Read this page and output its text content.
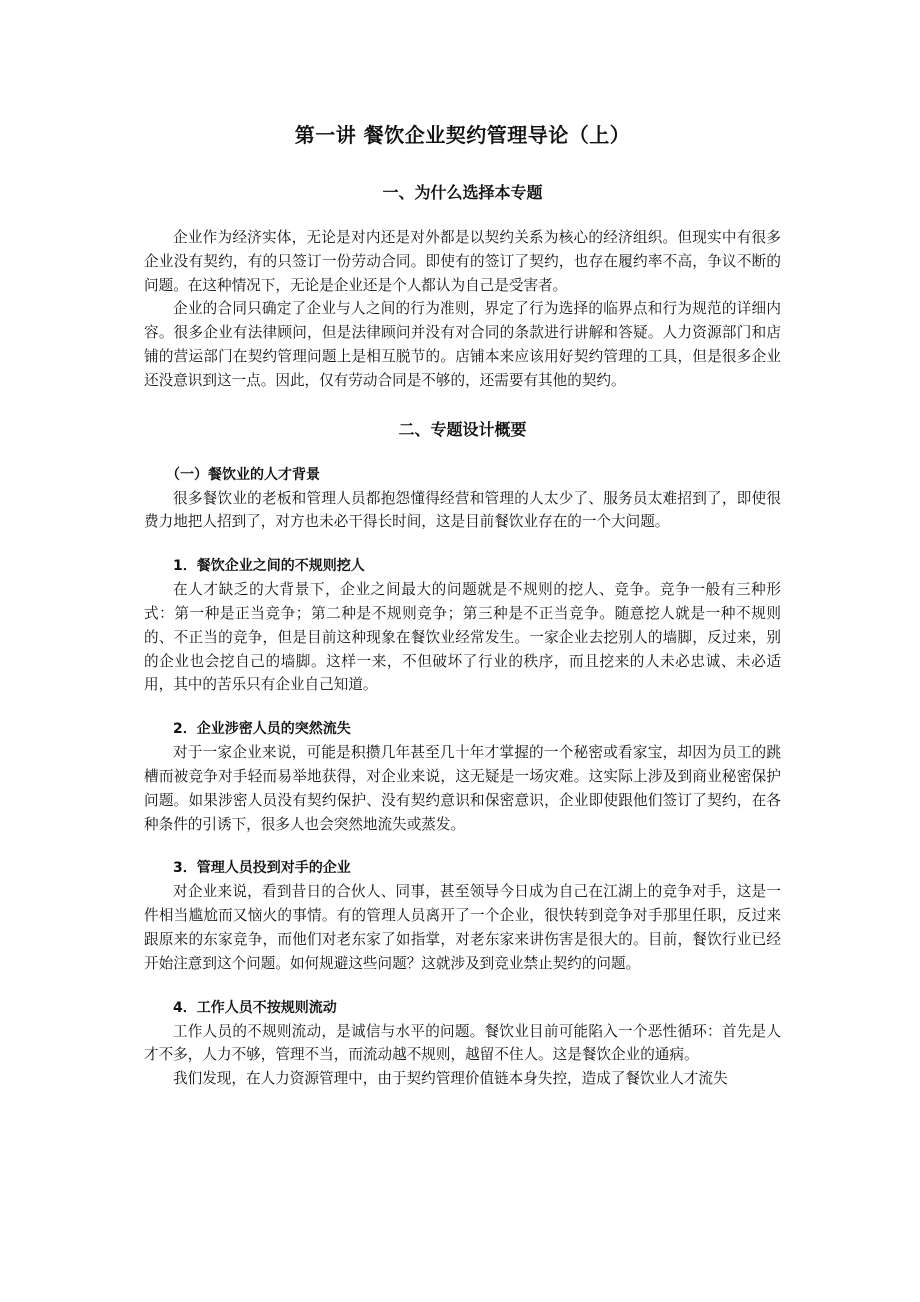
第一讲 餐饮企业契约管理导论（上）
一、为什么选择本专题

企业作为经济实体，无论是对内还是对外都是以契约关系为核心的经济组织。但现实中有很多企业没有契约，有的只签订一份劳动合同。即使有的签订了契约，也存在履约率不高，争议不断的问题。在这种情况下，无论是企业还是个人都认为自己是受害者。

企业的合同只确定了企业与人之间的行为准则，界定了行为选择的临界点和行为规范的详细内容。很多企业有法律顾问，但是法律顾问并没有对合同的条款进行讲解和答疑。人力资源部门和店铺的营运部门在契约管理问题上是相互脱节的。店铺本来应该用好契约管理的工具，但是很多企业还没意识到这一点。因此，仅有劳动合同是不够的，还需要有其他的契约。

二、专题设计概要
（一）餐饮业的人才背景

很多餐饮业的老板和管理人员都抱怨懂得经营和管理的人太少了、服务员太难招到了，即使很费力地把人招到了，对方也未必干得长时间，这是目前餐饮业存在的一个大问题。

1．餐饮企业之间的不规则挖人

在人才缺乏的大背景下，企业之间最大的问题就是不规则的挖人、竞争。竞争一般有三种形式：第一种是正当竞争；第二种是不规则竞争；第三种是不正当竞争。随意挖人就是一种不规则的、不正当的竞争，但是目前这种现象在餐饮业经常发生。一家企业去挖别人的墙脚，反过来，别的企业也会挖自己的墙脚。这样一来，不但破坏了行业的秩序，而且挖来的人未必忠诚、未必适用，其中的苦乐只有企业自己知道。

2．企业涉密人员的突然流失

对于一家企业来说，可能是积攒几年甚至几十年才掌握的一个秘密或看家宝，却因为员工的跳槽而被竞争对手轻而易举地获得，对企业来说，这无疑是一场灾难。这实际上涉及到商业秘密保护问题。如果涉密人员没有契约保护、没有契约意识和保密意识，企业即使跟他们签订了契约，在各种条件的引诱下，很多人也会突然地流失或蒸发。

3．管理人员投到对手的企业

对企业来说，看到昔日的合伙人、同事，甚至领导今日成为自己在江湖上的竞争对手，这是一件相当尴尬而又恼火的事情。有的管理人员离开了一个企业，很快转到竞争对手那里任职，反过来跟原来的东家竞争，而他们对老东家了如指掌，对老东家来讲伤害是很大的。目前，餐饮行业已经开始注意到这个问题。如何规避这些问题？这就涉及到竞业禁止契约的问题。

4．工作人员不按规则流动

工作人员的不规则流动，是诚信与水平的问题。餐饮业目前可能陷入一个恶性循环：首先是人才不多，人力不够，管理不当，而流动越不规则，越留不住人。这是餐饮企业的通病。

我们发现，在人力资源管理中，由于契约管理价值链本身失控，造成了餐饮业人才流失
